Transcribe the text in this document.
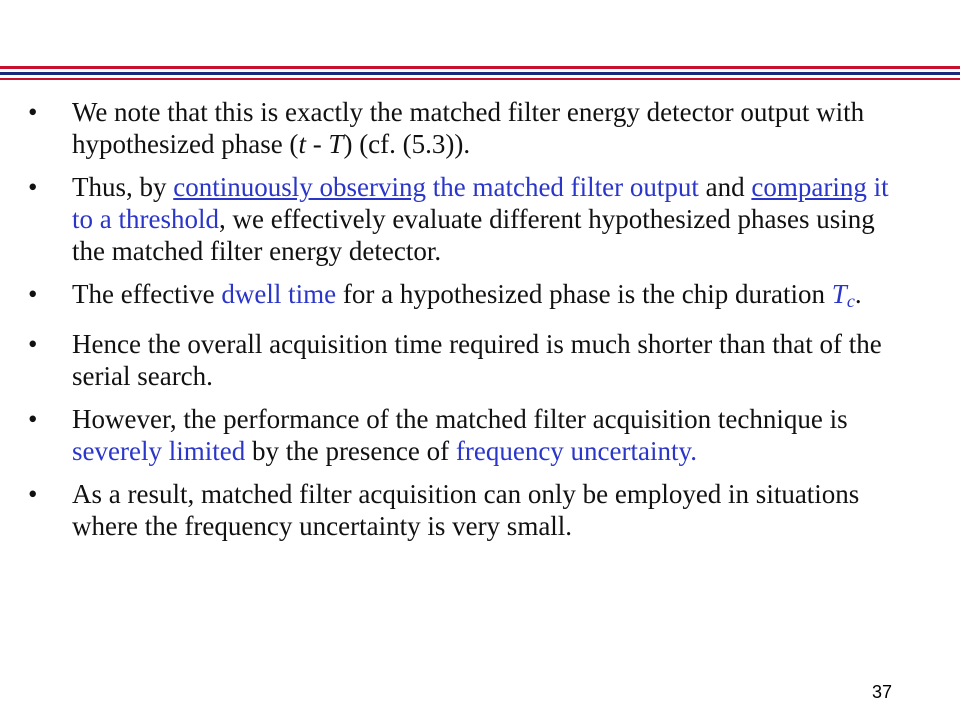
•	We note that this is exactly the matched filter energy detector output with hypothesized phase (t - T) (cf. (5.3)).
•	Thus, by continuously observing the matched filter output and comparing it to a threshold, we effectively evaluate different hypothesized phases using the matched filter energy detector.
•	The effective dwell time for a hypothesized phase is the chip duration $T_c$.
•	Hence the overall acquisition time required is much shorter than that of the serial search.
•	However, the performance of the matched filter acquisition technique is severely limited by the presence of frequency uncertainty.
•	As a result, matched filter acquisition can only be employed in situations where the frequency uncertainty is very small.
37
